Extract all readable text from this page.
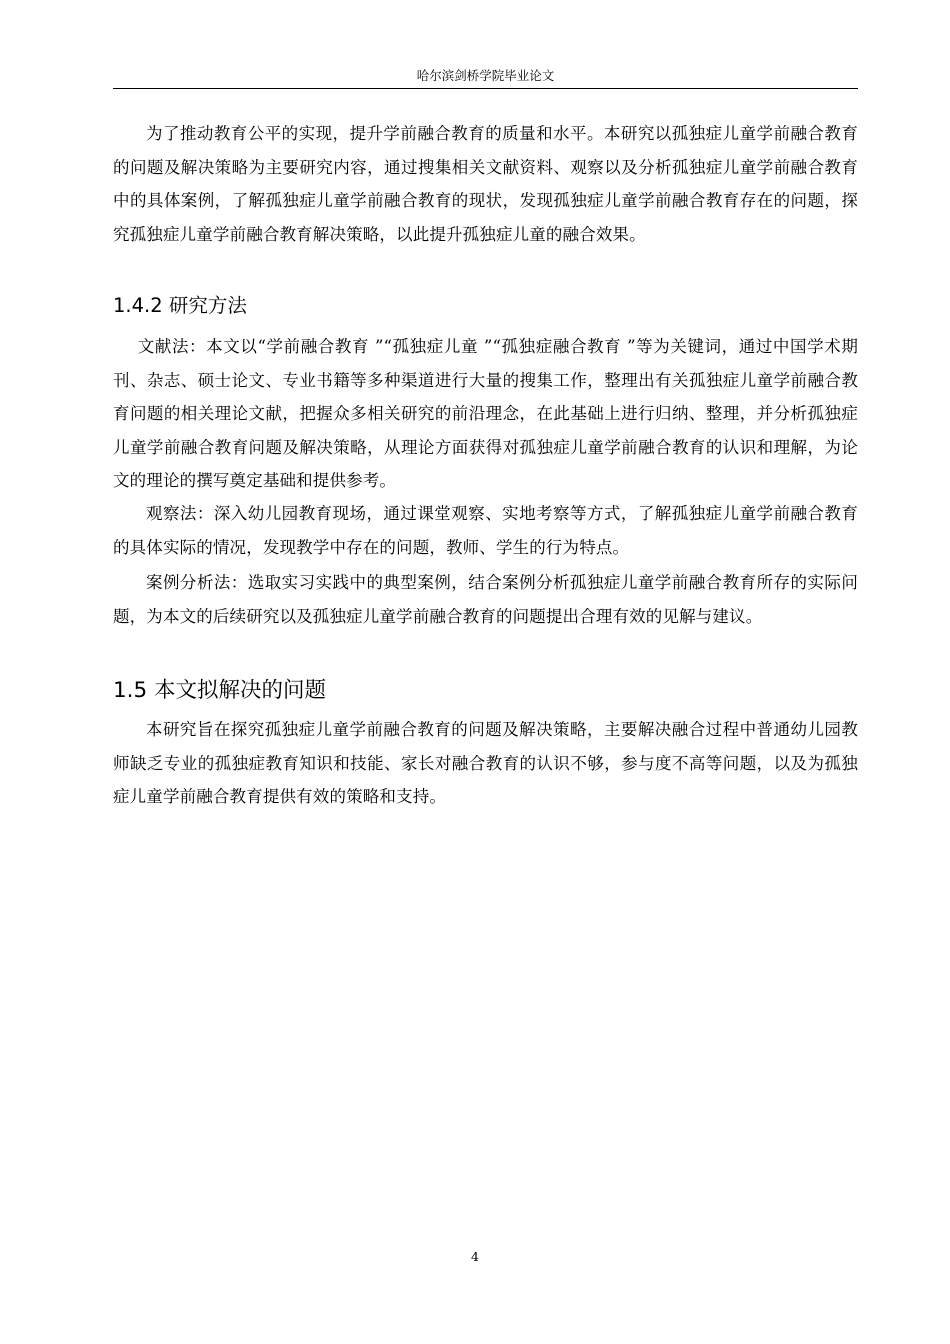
哈尔滨剑桥学院毕业论文

为了推动教育公平的实现，提升学前融合教育的质量和水平。本研究以孤独症儿童学前融合教育的问题及解决策略为主要研究内容，通过搜集相关文献资料、观察以及分析孤独症儿童学前融合教育中的具体案例，了解孤独症儿童学前融合教育的现状，发现孤独症儿童学前融合教育存在的问题，探究孤独症儿童学前融合教育解决策略，以此提升孤独症儿童的融合效果。

1.4.2 研究方法

文献法：本文以“学前融合教育 ”“孤独症儿童 ”“孤独症融合教育 ”等为关键词，通过中国学术期刊、杂志、硕士论文、专业书籍等多种渠道进行大量的搜集工作，整理出有关孤独症儿童学前融合教育问题的相关理论文献，把握众多相关研究的前沿理念，在此基础上进行归纳、整理，并分析孤独症儿童学前融合教育问题及解决策略，从理论方面获得对孤独症儿童学前融合教育的认识和理解，为论文的理论的撰写奠定基础和提供参考。

观察法：深入幼儿园教育现场，通过课堂观察、实地考察等方式，了解孤独症儿童学前融合教育的具体实际的情况，发现教学中存在的问题，教师、学生的行为特点。

案例分析法：选取实习实践中的典型案例，结合案例分析孤独症儿童学前融合教育所存的实际问题，为本文的后续研究以及孤独症儿童学前融合教育的问题提出合理有效的见解与建议。

1.5 本文拟解决的问题

本研究旨在探究孤独症儿童学前融合教育的问题及解决策略，主要解决融合过程中普通幼儿园教师缺乏专业的孤独症教育知识和技能、家长对融合教育的认识不够，参与度不高等问题，以及为孤独症儿童学前融合教育提供有效的策略和支持。

4
